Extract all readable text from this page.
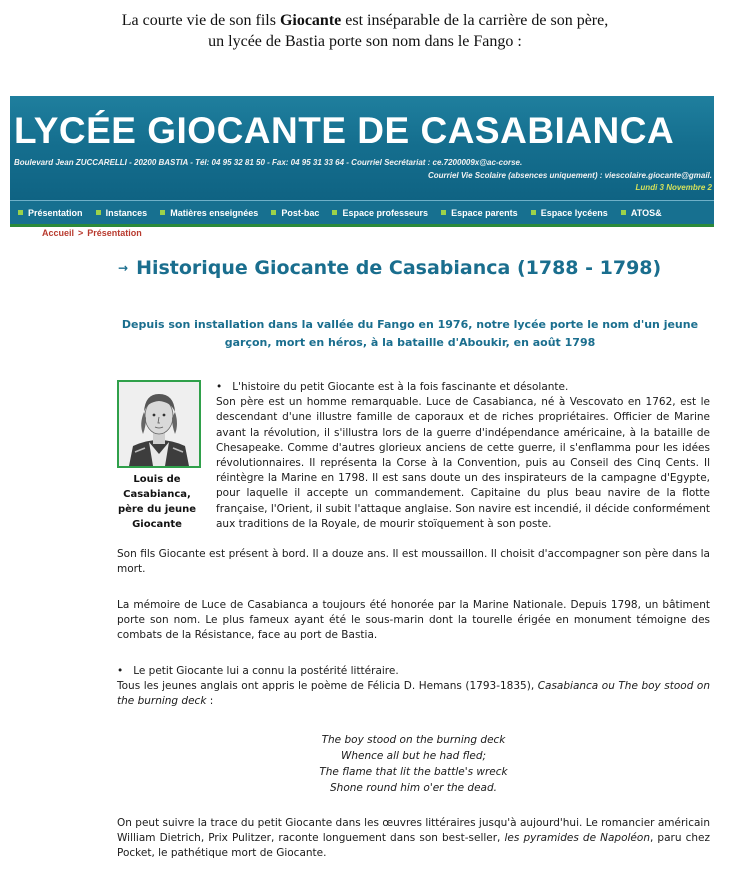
La courte vie de son fils Giocante est inséparable de la carrière de son père,
un lycée de Bastia porte son nom dans le Fango :
LYCÉE GIOCANTE DE CASABIANCA
Boulevard Jean ZUCCARELLI - 20200 BASTIA - Tél: 04 95 32 81 50 - Fax: 04 95 31 33 64 - Courriel Secrétariat : ce.7200009x@ac-corse.
Courriel Vie Scolaire (absences uniquement) : viescolaire.giocante@gmail.
Lundi 3 Novembre 2
Présentation	Instances	Matières enseignées	Post-bac	Espace professeurs	Espace parents	Espace lycéens	ATOS&
Accueil > Présentation
→ Historique Giocante de Casabianca (1788 - 1798)
Depuis son installation dans la vallée du Fango en 1976, notre lycée porte le nom d'un jeune garçon, mort en héros, à la bataille d'Aboukir, en août 1798
Louis de Casabianca, père du jeune Giocante
• L'histoire du petit Giocante est à la fois fascinante et désolante.
Son père est un homme remarquable. Luce de Casabianca, né à Vescovato en 1762, est le descendant d'une illustre famille de caporaux et de riches propriétaires. Officier de Marine avant la révolution, il s'illustra lors de la guerre d'indépendance américaine, à la bataille de Chesapeake. Comme d'autres glorieux anciens de cette guerre, il s'enflamma pour les idées révolutionnaires. Il représenta la Corse à la Convention, puis au Conseil des Cinq Cents. Il réintègre la Marine en 1798. Il est sans doute un des inspirateurs de la campagne d'Egypte, pour laquelle il accepte un commandement. Capitaine du plus beau navire de la flotte française, l'Orient, il subit l'attaque anglaise. Son navire est incendié, il décide conformément aux traditions de la Royale, de mourir stoïquement à son poste.
Son fils Giocante est présent à bord. Il a douze ans. Il est moussaillon. Il choisit d'accompagner son père dans la mort.
La mémoire de Luce de Casabianca a toujours été honorée par la Marine Nationale. Depuis 1798, un bâtiment porte son nom. Le plus fameux ayant été le sous-marin dont la tourelle érigée en monument témoigne des combats de la Résistance, face au port de Bastia.
• Le petit Giocante lui a connu la postérité littéraire.
Tous les jeunes anglais ont appris le poème de Félicia D. Hemans (1793-1835), Casabianca ou The boy stood on the burning deck :
The boy stood on the burning deck
Whence all but he had fled;
The flame that lit the battle's wreck
Shone round him o'er the dead.
On peut suivre la trace du petit Giocante dans les œuvres littéraires jusqu'à aujourd'hui. Le romancier américain William Dietrich, Prix Pulitzer, raconte longuement dans son best-seller, les pyramides de Napoléon, paru chez Pocket, le pathétique mort de Giocante.
